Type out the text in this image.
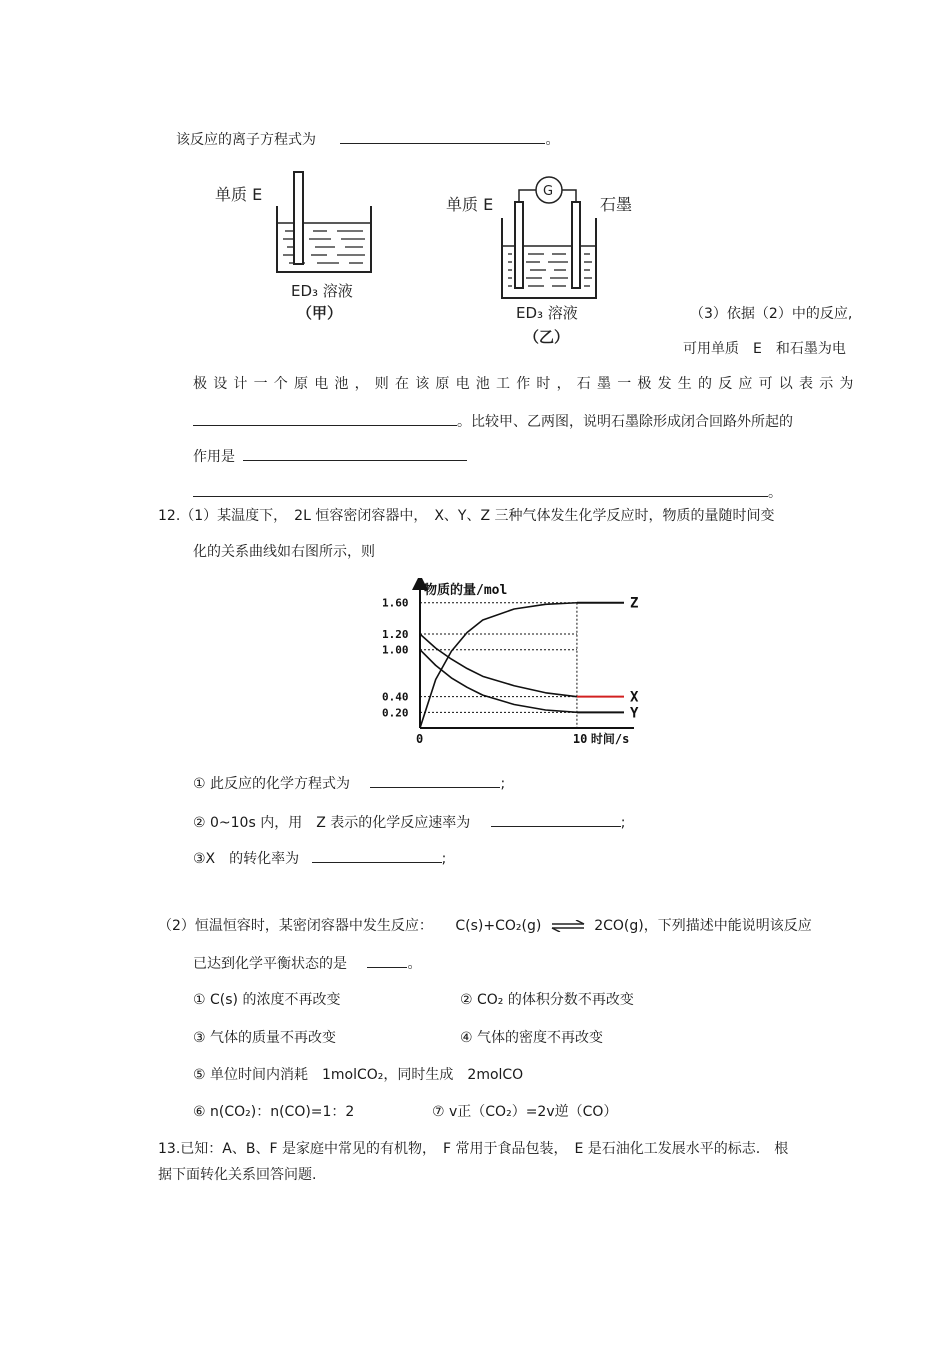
该反应的离子方程式为	。
单质 E
ED₃ 溶液
（甲）
单质 E	石墨
G
ED₃ 溶液
（乙）
（3）依据（2）中的反应,
可用单质　E　和石墨为电
极设计一个原电池，则在该原电池工作时，石墨一极发生的反应可以表示为
。比较甲、乙两图，说明石墨除形成闭合回路外所起的
作用是
。
12.（1）某温度下，　2L 恒容密闭容器中，　X、Y、Z 三种气体发生化学反应时，物质的量随时间变
化的关系曲线如右图所示，则
1.60
1.20
1.00
0.40
0.20
0	10 时间/s
Z
X
Y
物质的量/mol
① 此反应的化学方程式为	;
② 0~10s 内，用　Z 表示的化学反应速率为	;
③X　的转化率为	;
（2）恒温恒容时，某密闭容器中发生反应： C(s)+CO₂(g) ⇌ 2CO(g)，下列描述中能说明该反应
已达到化学平衡状态的是	。
① C(s) 的浓度不再改变	② CO₂ 的体积分数不再改变
③ 气体的质量不再改变	④ 气体的密度不再改变
⑤ 单位时间内消耗　1molCO₂，同时生成　2molCO
⑥ n(CO₂)：n(CO)=1：2	⑦ v正（CO₂）=2v逆（CO）
13.已知：A、B、F 是家庭中常见的有机物，　F 常用于食品包装，　E 是石油化工发展水平的标志.　根
据下面转化关系回答问题.
